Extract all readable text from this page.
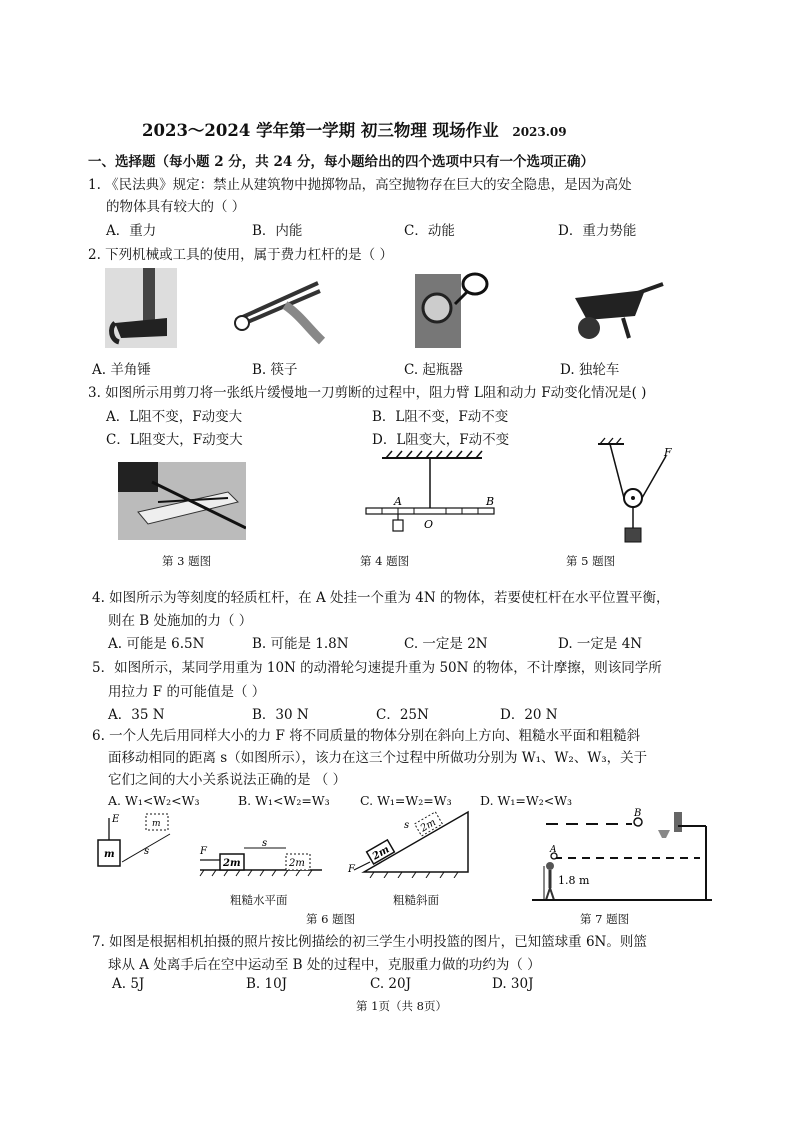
2023～2024 学年第一学期 初三物理 现场作业 2023.09
一、选择题（每小题 2 分，共 24 分，每小题给出的四个选项中只有一个选项正确）
1. 《民法典》规定：禁止从建筑物中抛掷物品，高空抛物存在巨大的安全隐患，是因为高处
的物体具有较大的（ ）
A．重力	B．内能	C．动能	D．重力势能
2. 下列机械或工具的使用，属于费力杠杆的是（ ）
A. 羊角锤	B. 筷子	C. 起瓶器	D. 独轮车
3. 如图所示用剪刀将一张纸片缓慢地一刀剪断的过程中，阻力臂 L阻和动力 F动变化情况是( )
A．L阻不变，F动变大	B．L阻不变，F动不变
C．L阻变大，F动变大	D．L阻变大，F动不变
A	B
O
F
第 3 题图	第 4 题图	第 5 题图
4. 如图所示为等刻度的轻质杠杆，在 A 处挂一个重为 4N 的物体，若要使杠杆在水平位置平衡，
则在 B 处施加的力（ ）
A. 可能是 6.5N	B. 可能是 1.8N	C. 一定是 2N	D. 一定是 4N
5．如图所示，某同学用重为 10N 的动滑轮匀速提升重为 50N 的物体，不计摩擦，则该同学所
用拉力 F 的可能值是（ ）
A．35 N	B．30 N	C．25N	D．20 N
6. 一个人先后用同样大小的力 F 将不同质量的物体分别在斜向上方向、粗糙水平面和粗糙斜
面移动相同的距离 s（如图所示），该力在这三个过程中所做功分别为 W₁、W₂、W₃，关于
它们之间的大小关系说法正确的是 （ ）
A. W₁<W₂<W₃	B. W₁<W₂=W₃ C. W₁=W₂=W₃ D. W₁=W₂<W₃
m
E	m
s
2m	2m
F
s
2m
2m
F
s
粗糙水平面	粗糙斜面
B
A
1.8 m
第 6 题图	第 7 题图
7. 如图是根据相机拍摄的照片按比例描绘的初三学生小明投篮的图片，已知篮球重 6N。则篮
球从 A 处离手后在空中运动至 B 处的过程中，克服重力做的功约为（ ）
A. 5J	B. 10J	C. 20J	D. 30J
第 1页（共 8页）
